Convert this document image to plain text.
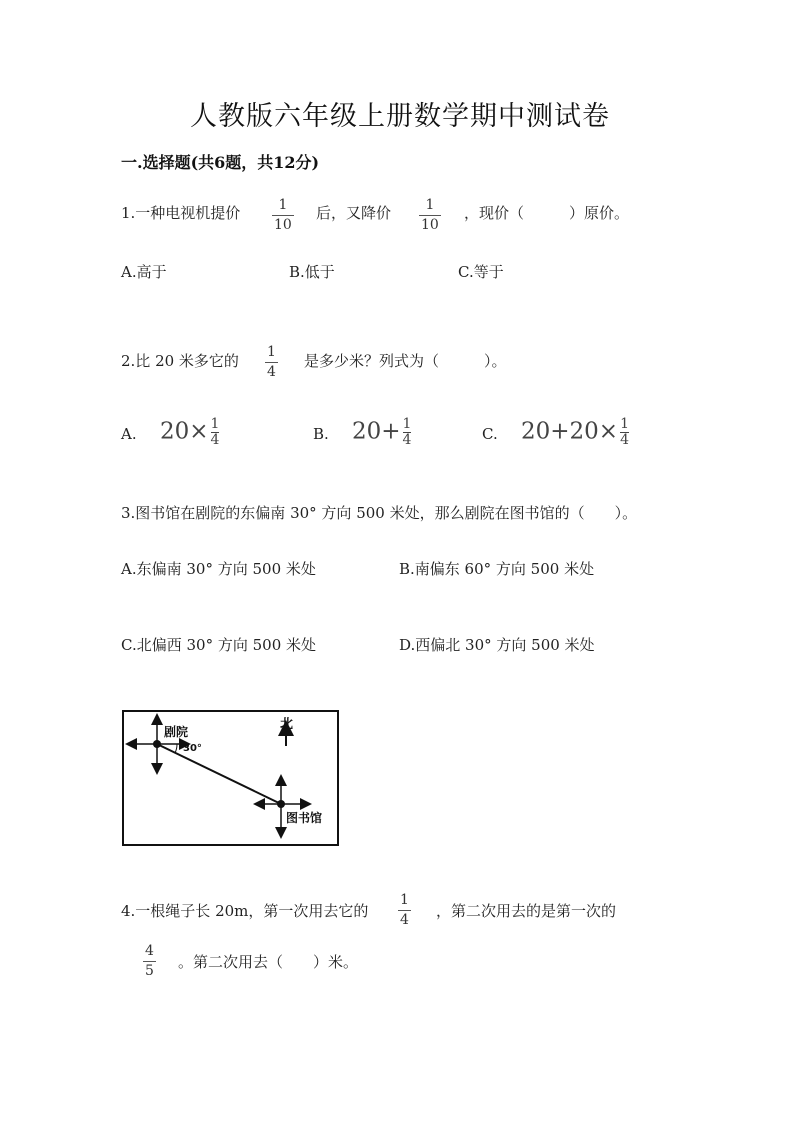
人教版六年级上册数学期中测试卷
一.选择题(共6题，共12分)
1.一种电视机提价	1
10
后，又降价 1
10
，现价（　　　）原价。
A.高于	B.低于	C.等于
2.比 20 米多它的 1
4
是多少米？列式为（　　　）。
A. $20\times \frac{1}{4}$	B. $20+ \frac{1}{4}$	C. $20+20\times \frac{1}{4}$
3.图书馆在剧院的东偏南 30° 方向 500 米处，那么剧院在图书馆的（　　）。
A.东偏南 30° 方向 500 米处	B.南偏东 60° 方向 500 米处
C.北偏西 30° 方向 500 米处	D.西偏北 30° 方向 500 米处
北
剧院
30°
图书馆
4.一根绳子长 20m，第一次用去它的
1
4 ，第二次用去的是第一次的
4
5 。第二次用去（　　）米。
